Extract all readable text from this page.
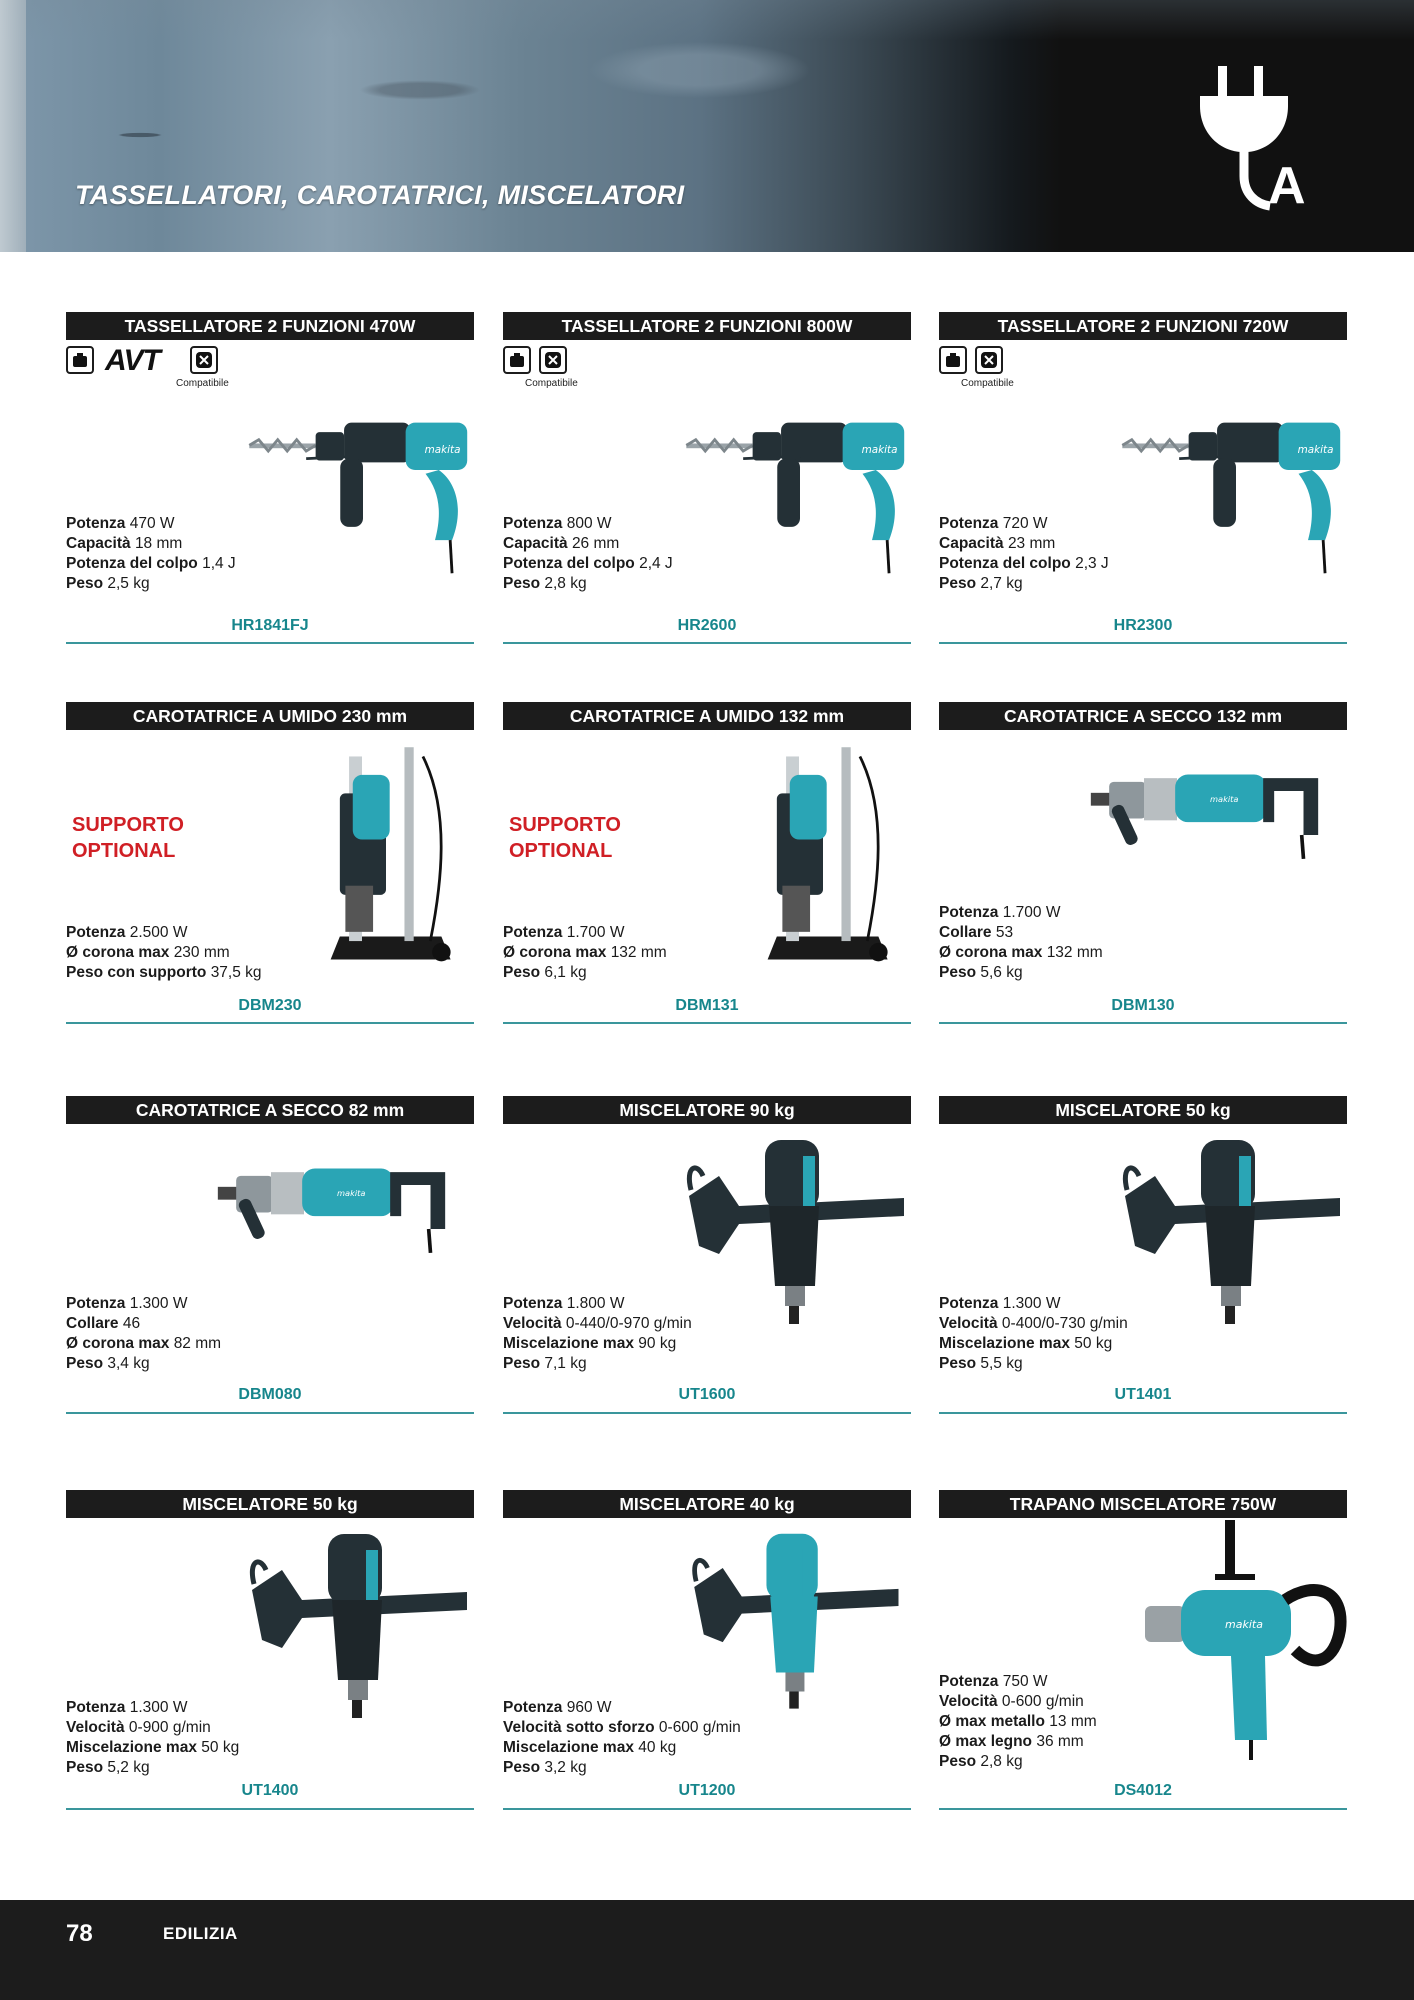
TASSELLATORI, CAROTATRICI, MISCELATORI	A
TASSELLATORE 2 FUNZIONI 470W
AVT
Compatibile
makita
Potenza 470 W
Capacità 18 mm
Potenza del colpo 1,4 J
Peso 2,5 kg
HR1841FJ
TASSELLATORE 2 FUNZIONI 800W
Compatibile
makita
Potenza 800 W
Capacità 26 mm
Potenza del colpo 2,4 J
Peso 2,8 kg
HR2600
TASSELLATORE 2 FUNZIONI 720W
Compatibile
makita
Potenza 720 W
Capacità 23 mm
Potenza del colpo 2,3 J
Peso 2,7 kg
HR2300
CAROTATRICE A UMIDO 230 mm
SUPPORTO
OPTIONAL
Potenza 2.500 W
Ø corona max 230 mm
Peso con supporto 37,5 kg
DBM230
CAROTATRICE A UMIDO 132 mm
SUPPORTO
OPTIONAL
Potenza 1.700 W
Ø corona max 132 mm
Peso 6,1 kg
DBM131
CAROTATRICE A SECCO 132 mm
makita
Potenza 1.700 W
Collare 53
Ø corona max 132 mm
Peso 5,6 kg
DBM130
CAROTATRICE A SECCO 82 mm
makita
Potenza 1.300 W
Collare 46
Ø corona max 82 mm
Peso 3,4 kg
DBM080
MISCELATORE 90 kg
Potenza 1.800 W
Velocità 0-440/0-970 g/min
Miscelazione max 90 kg
Peso 7,1 kg
UT1600
MISCELATORE 50 kg
Potenza 1.300 W
Velocità 0-400/0-730 g/min
Miscelazione max 50 kg
Peso 5,5 kg
UT1401
MISCELATORE 50 kg
Potenza 1.300 W
Velocità 0-900 g/min
Miscelazione max 50 kg
Peso 5,2 kg
UT1400
MISCELATORE 40 kg
Potenza 960 W
Velocità sotto sforzo 0-600 g/min
Miscelazione max 40 kg
Peso 3,2 kg
UT1200
TRAPANO MISCELATORE 750W
makita
Potenza 750 W
Velocità 0-600 g/min
Ø max metallo 13 mm
Ø max legno 36 mm
Peso 2,8 kg
DS4012
78	EDILIZIA
